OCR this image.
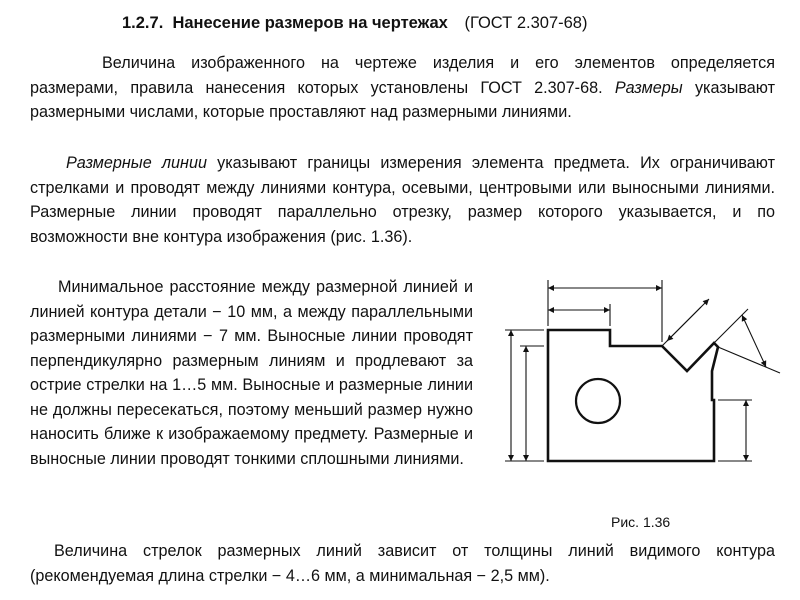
1.2.7. Нанесение размеров на чертежах (ГОСТ 2.307-68)

Величина изображенного на чертеже изделия и его элементов определяется размерами, правила нанесения которых установлены ГОСТ 2.307-68. Размеры указывают размерными числами, которые проставляют над размерными линиями.

Размерные линии указывают границы измерения элемента предмета. Их ограничивают стрелками и проводят между линиями контура, осевыми, центровыми или выносными линиями. Размерные линии проводят параллельно отрезку, размер которого указывается, и по возможности вне контура изображения (рис. 1.36).

Минимальное расстояние между размерной линией и линией контура детали − 10 мм, а между параллельными размерными линиями − 7 мм. Выносные линии проводят перпендикулярно размерным линиям и продлевают за острие стрелки на 1…5 мм. Выносные и размерные линии не должны пересекаться, поэтому меньший размер нужно наносить ближе к изображаемому предмету. Размерные и выносные линии проводят тонкими сплошными линиями.

Рис. 1.36

Величина стрелок размерных линий зависит от толщины линий видимого контура (рекомендуемая длина стрелки − 4…6 мм, а минимальная − 2,5 мм).
